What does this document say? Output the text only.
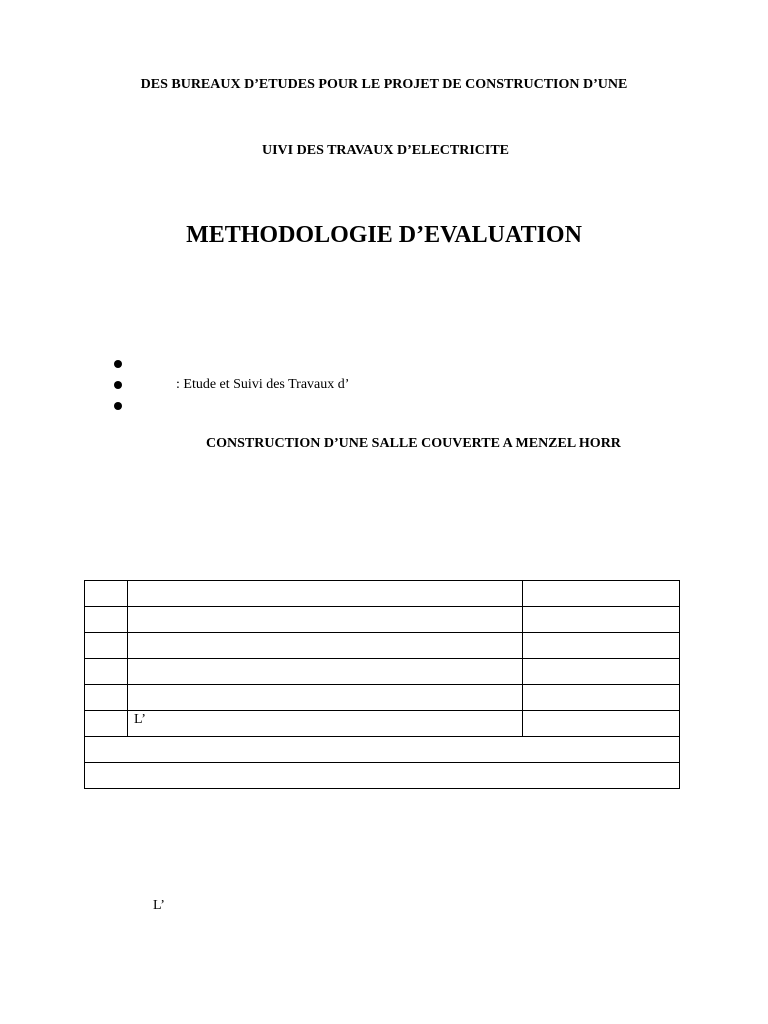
DES BUREAUX D’ETUDES POUR LE PROJET DE CONSTRUCTION D’UNE
UIVI DES TRAVAUX D’ELECTRICITE
METHODOLOGIE D’EVALUATION
: Etude et Suivi des Travaux d’
CONSTRUCTION D’UNE SALLE COUVERTE A MENZEL HORR

	L’	

L’
